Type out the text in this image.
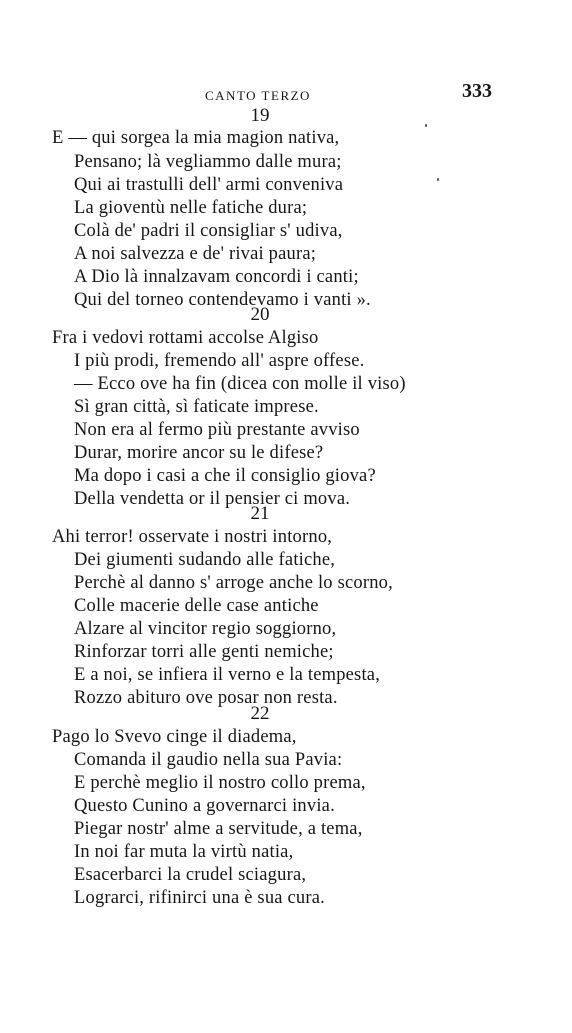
CANTO TERZO	333
19
E — qui sorgea la mia magion nativa,
Pensano; là vegliammo dalle mura;
Qui ai trastulli dell' armi conveniva
La gioventù nelle fatiche dura;
Colà de' padri il consigliar s' udiva,
A noi salvezza e de' rivai paura;
A Dio là innalzavam concordi i canti;
Qui del torneo contendevamo i vanti ».
20
Fra i vedovi rottami accolse Algiso
I più prodi, fremendo all' aspre offese.
— Ecco ove ha fin (dicea con molle il viso)
Sì gran città, sì faticate imprese.
Non era al fermo più prestante avviso
Durar, morire ancor su le difese?
Ma dopo i casi a che il consiglio giova?
Della vendetta or il pensier ci mova.
21
Ahi terror! osservate i nostri intorno,
Dei giumenti sudando alle fatiche,
Perchè al danno s' arroge anche lo scorno,
Colle macerie delle case antiche
Alzare al vincitor regio soggiorno,
Rinforzar torri alle genti nemiche;
E a noi, se infiera il verno e la tempesta,
Rozzo abituro ove posar non resta.
22
Pago lo Svevo cinge il diadema,
Comanda il gaudio nella sua Pavia:
E perchè meglio il nostro collo prema,
Questo Cunino a governarci invia.
Piegar nostr' alme a servitude, a tema,
In noi far muta la virtù natia,
Esacerbarci la crudel sciagura,
Lograrci, rifinirci una è sua cura.
